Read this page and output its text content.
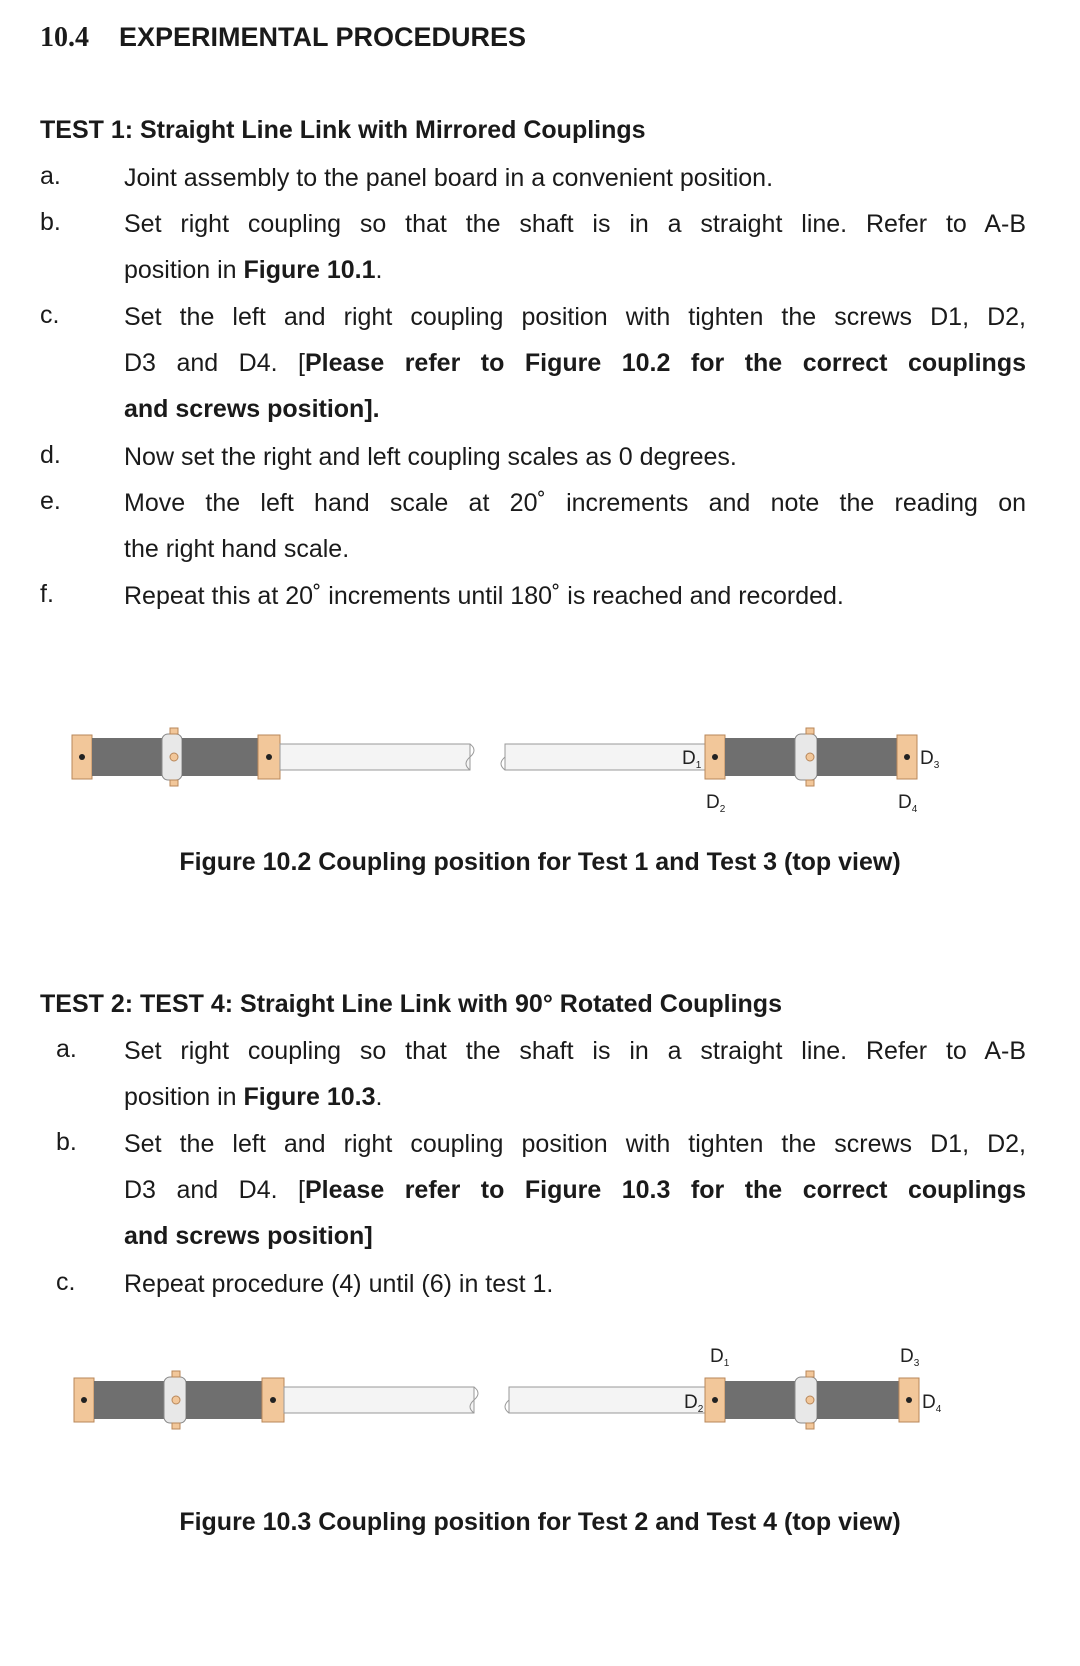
10.4 EXPERIMENTAL PROCEDURES
TEST 1: Straight Line Link with Mirrored Couplings
a.	Joint assembly to the panel board in a convenient position.
b.	Set right coupling so that the shaft is in a straight line. Refer to A-B
position in Figure 10.1.
c.	Set the left and right coupling position with tighten the screws D1, D2,
D3 and D4. [Please refer to Figure 10.2 for the correct couplings
and screws position].
d.	Now set the right and left coupling scales as 0 degrees.
e.	Move the left hand scale at 20˚ increments and note the reading on
the right hand scale.
f.	Repeat this at 20˚ increments until 180˚ is reached and recorded.
$D_1$
$D_2$
$D_3$
$D_4$
Figure 10.2 Coupling position for Test 1 and Test 3 (top view)
TEST 2: TEST 4: Straight Line Link with 90° Rotated Couplings
a. Set right coupling so that the shaft is in a straight line. Refer to A-B
position in Figure 10.3.
b. Set the left and right coupling position with tighten the screws D1, D2,
D3 and D4. [Please refer to Figure 10.3 for the correct couplings
and screws position]
c. Repeat procedure (4) until (6) in test 1.
$D_1$
$D_2$
$D_3$
$D_4$
Figure 10.3 Coupling position for Test 2 and Test 4 (top view)
